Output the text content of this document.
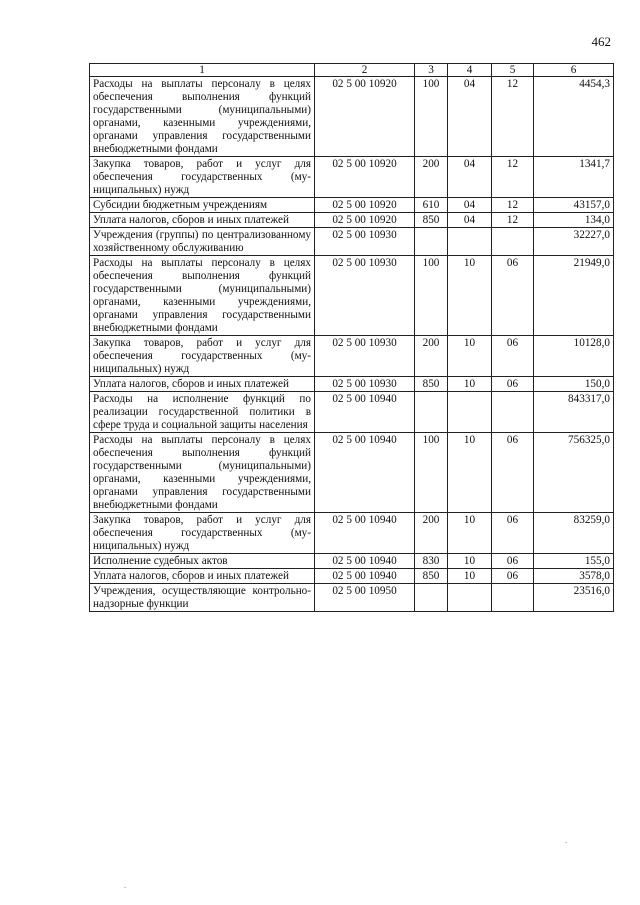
462
1	2	3	4	5	6
Расходы на выплаты персоналу в целях обеспечения выполнения функций государственными (муниципальными) органами, казенными учреждениями, органами управления государственными внебюджетными фондами	02 5 00 10920	100	04	12	4454,3
Закупка товаров, работ и услуг для обеспечения государственных (муниципальных) нужд	02 5 00 10920	200	04	12	1341,7
Субсидии бюджетным учреждениям	02 5 00 10920	610	04	12	43157,0
Уплата налогов, сборов и иных платежей	02 5 00 10920	850	04	12	134,0
Учреждения (группы) по централизованному хозяйственному обслуживанию	02 5 00 10930				32227,0
Расходы на выплаты персоналу в целях обеспечения выполнения функций государственными (муниципальными) органами, казенными учреждениями, органами управления государственными внебюджетными фондами	02 5 00 10930	100	10	06	21949,0
Закупка товаров, работ и услуг для обеспечения государственных (муниципальных) нужд	02 5 00 10930	200	10	06	10128,0
Уплата налогов, сборов и иных платежей	02 5 00 10930	850	10	06	150,0
Расходы на исполнение функций по реализации государственной политики в сфере труда и социальной защиты населения	02 5 00 10940				843317,0
Расходы на выплаты персоналу в целях обеспечения выполнения функций государственными (муниципальными) органами, казенными учреждениями, органами управления государственными внебюджетными фондами	02 5 00 10940	100	10	06	756325,0
Закупка товаров, работ и услуг для обеспечения государственных (муниципальных) нужд	02 5 00 10940	200	10	06	83259,0
Исполнение судебных актов	02 5 00 10940	830	10	06	155,0
Уплата налогов, сборов и иных платежей	02 5 00 10940	850	10	06	3578,0
Учреждения, осуществляющие контрольно-надзорные функции	02 5 00 10950				23516,0
.
.
